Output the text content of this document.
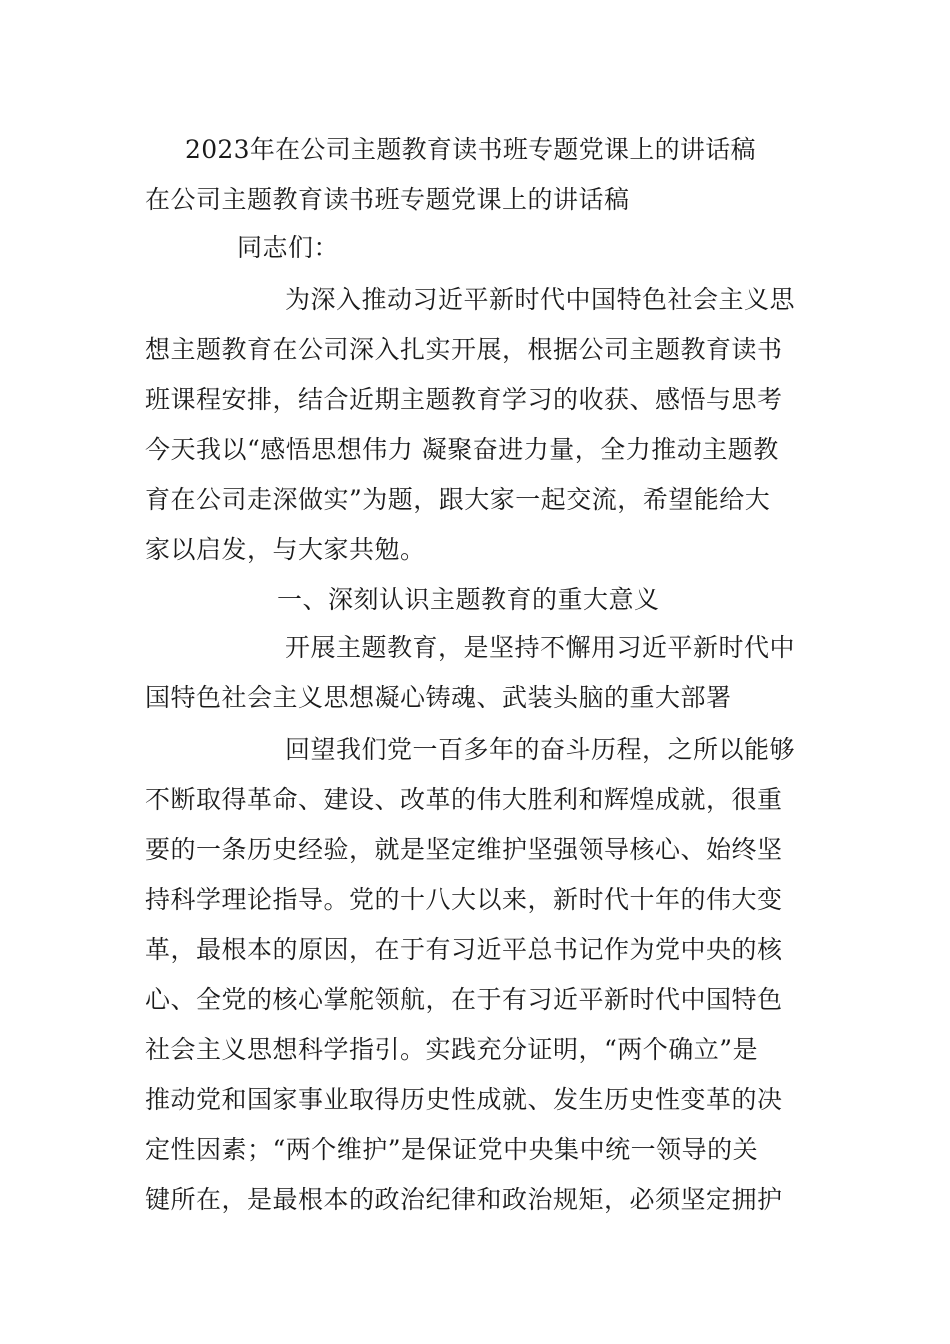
2023年在公司主题教育读书班专题党课上的讲话稿
在公司主题教育读书班专题党课上的讲话稿
同志们：
为深入推动习近平新时代中国特色社会主义思
想主题教育在公司深入扎实开展，根据公司主题教育读书
班课程安排，结合近期主题教育学习的收获、感悟与思考
今天我以“感悟思想伟力 凝聚奋进力量，全力推动主题教
育在公司走深做实”为题，跟大家一起交流，希望能给大
家以启发，与大家共勉。
一、深刻认识主题教育的重大意义
开展主题教育，是坚持不懈用习近平新时代中
国特色社会主义思想凝心铸魂、武装头脑的重大部署
回望我们党一百多年的奋斗历程，之所以能够
不断取得革命、建设、改革的伟大胜利和辉煌成就，很重
要的一条历史经验，就是坚定维护坚强领导核心、始终坚
持科学理论指导。党的十八大以来，新时代十年的伟大变
革，最根本的原因，在于有习近平总书记作为党中央的核
心、全党的核心掌舵领航，在于有习近平新时代中国特色
社会主义思想科学指引。实践充分证明，“两个确立”是
推动党和国家事业取得历史性成就、发生历史性变革的决
定性因素；“两个维护”是保证党中央集中统一领导的关
键所在，是最根本的政治纪律和政治规矩，必须坚定拥护
